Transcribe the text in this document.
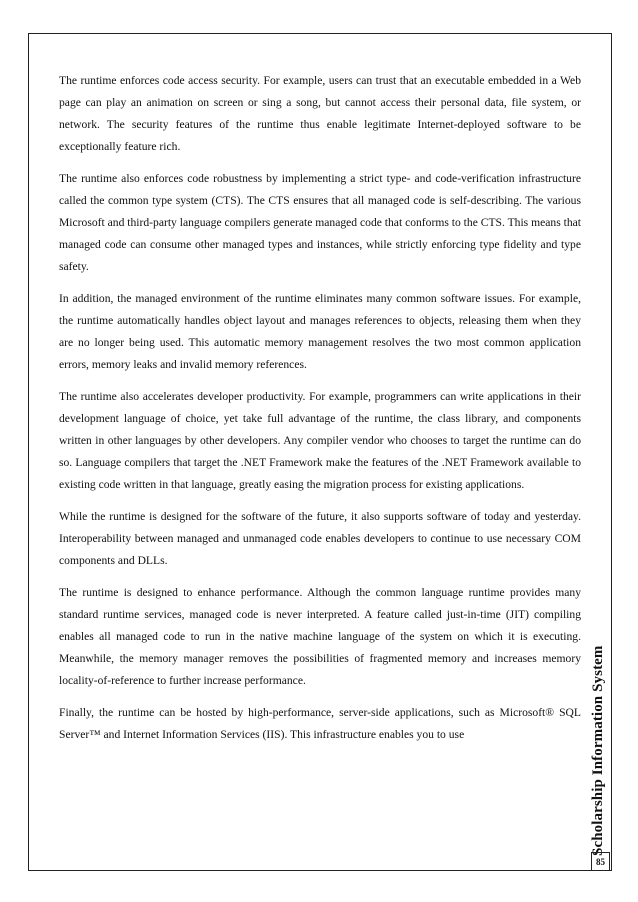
The runtime enforces code access security. For example, users can trust that an executable embedded in a Web page can play an animation on screen or sing a song, but cannot access their personal data, file system, or network. The security features of the runtime thus enable legitimate Internet-deployed software to be exceptionally feature rich.

The runtime also enforces code robustness by implementing a strict type- and code-verification infrastructure called the common type system (CTS). The CTS ensures that all managed code is self-describing. The various Microsoft and third-party language compilers generate managed code that conforms to the CTS. This means that managed code can consume other managed types and instances, while strictly enforcing type fidelity and type safety.

In addition, the managed environment of the runtime eliminates many common software issues. For example, the runtime automatically handles object layout and manages references to objects, releasing them when they are no longer being used. This automatic memory management resolves the two most common application errors, memory leaks and invalid memory references.

The runtime also accelerates developer productivity. For example, programmers can write applications in their development language of choice, yet take full advantage of the runtime, the class library, and components written in other languages by other developers. Any compiler vendor who chooses to target the runtime can do so. Language compilers that target the .NET Framework make the features of the .NET Framework available to existing code written in that language, greatly easing the migration process for existing applications.

While the runtime is designed for the software of the future, it also supports software of today and yesterday. Interoperability between managed and unmanaged code enables developers to continue to use necessary COM components and DLLs.

The runtime is designed to enhance performance. Although the common language runtime provides many standard runtime services, managed code is never interpreted. A feature called just-in-time (JIT) compiling enables all managed code to run in the native machine language of the system on which it is executing. Meanwhile, the memory manager removes the possibilities of fragmented memory and increases memory locality-of-reference to further increase performance.

Finally, the runtime can be hosted by high-performance, server-side applications, such as Microsoft® SQL Server™ and Internet Information Services (IIS). This infrastructure enables you to use	Scholarship Information System
85
